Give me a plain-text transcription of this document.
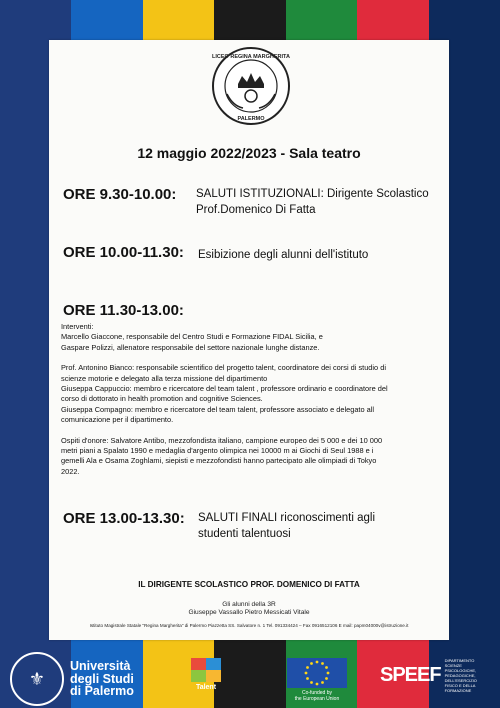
LICEO REGINA MARGHERITA
PALERMO
12 maggio 2022/2023 - Sala teatro
ORE 9.30-10.00: SALUTI ISTITUZIONALI: Dirigente Scolastico
Prof.Domenico Di Fatta
ORE 10.00-11.30: Esibizione degli alunni dell'istituto
ORE 11.30-13.00:

Interventi:

Marcello Giaccone, responsabile del Centro Studi e Formazione FIDAL Sicilia, e

Gaspare Polizzi, allenatore responsabile del settore nazionale lunghe distanze.

Prof. Antonino Bianco: responsabile scientifico del progetto talent, coordinatore dei corsi di studio di

scienze motorie e delegato alla terza missione del dipartimento

Giuseppa Cappuccio: membro e ricercatore del team talent , professore ordinario e coordinatore del

corso di dottorato in health promotion and cognitive Sciences.

Giuseppa Compagno: membro e ricercatore del team talent, professore associato e delegato all

comunicazione per il dipartimento.

Ospiti d'onore: Salvatore Antibo, mezzofondista italiano, campione europeo dei 5 000 e dei 10 000

metri piani a Spalato 1990 e medaglia d'argento olimpica nei 10000 m ai Giochi di Seul 1988 e i

gemelli Ala e Osama Zoghlami, siepisti e mezzofondisti hanno partecipato alle olimpiadi di Tokyo

2022.

ORE 13.00-13.30: SALUTI FINALI riconoscimenti agli
studenti talentuosi
IL DIRIGENTE SCOLASTICO PROF. DOMENICO DI FATTA
Gli alunni della 3R
Giuseppe Vassallo Pietro Messicati Vitale
Istituto Magistrale Statale "Regina Margherita" di Palermo Piazzetta SS. Salvatore n. 1 Tel. 091334424 – Fax 0916512106 E mail: papm04000v@istruzione.it
⚜
Università
degli Studi
di Palermo	Talent
Co-funded by
the European Union
SPEEF
DIPARTIMENTO SCIENZE PSICOLOGICHE, PEDAGOGICHE, DELL'ESERCIZIO FISICO E DELLA FORMAZIONE
